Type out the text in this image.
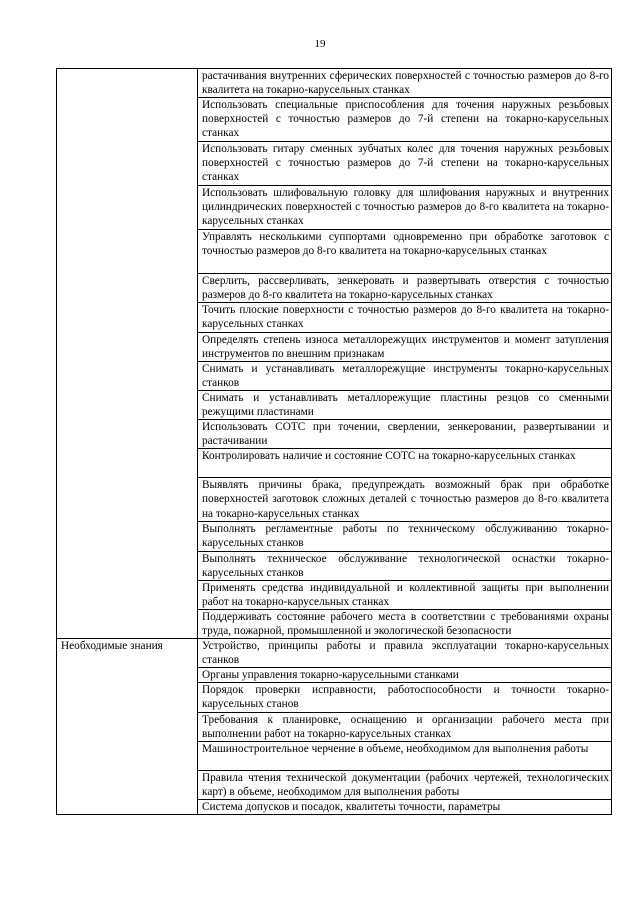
19

	растачивания внутренних сферических поверхностей с точностью размеров до 8-го квалитета на токарно-карусельных станках

	Использовать специальные приспособления для точения наружных резьбовых поверхностей с точностью размеров до 7-й степени на токарно-карусельных станках

	Использовать гитару сменных зубчатых колес для точения наружных резьбовых поверхностей с точностью размеров до 7-й степени на токарно-карусельных станках

	Использовать шлифовальную головку для шлифования наружных и внутренних цилиндрических поверхностей с точностью размеров до 8-го квалитета на токарно-карусельных станках

	Управлять несколькими суппортами одновременно при обработке заготовок с точностью размеров до 8-го квалитета на токарно-карусельных станках

	Сверлить, рассверливать, зенкеровать и развертывать отверстия с точностью размеров до 8-го квалитета на токарно-карусельных станках

	Точить плоские поверхности с точностью размеров до 8-го квалитета на токарно-карусельных станках

	Определять степень износа металлорежущих инструментов и момент затупления инструментов по внешним признакам

	Снимать и устанавливать металлорежущие инструменты токарно-карусельных станков

	Снимать и устанавливать металлорежущие пластины резцов со сменными режущими пластинами

	Использовать СОТС при точении, сверлении, зенкеровании, развертывании и растачивании

	Контролировать наличие и состояние СОТС на токарно-карусельных станках

	Выявлять причины брака, предупреждать возможный брак при обработке поверхностей заготовок сложных деталей с точностью размеров до 8-го квалитета на токарно-карусельных станках

	Выполнять регламентные работы по техническому обслуживанию токарно-карусельных станков

	Выполнять техническое обслуживание технологической оснастки токарно-карусельных станков

	Применять средства индивидуальной и коллективной защиты при выполнении работ на токарно-карусельных станках

	Поддерживать состояние рабочего места в соответствии с требованиями охраны труда, пожарной, промышленной и экологической безопасности

Необходимые знания	Устройство, принципы работы и правила эксплуатации токарно-карусельных станков

	Органы управления токарно-карусельными станками

	Порядок проверки исправности, работоспособности и точности токарно-карусельных станов

	Требования к планировке, оснащению и организации рабочего места при выполнении работ на токарно-карусельных станках

	Машиностроительное черчение в объеме, необходимом для выполнения работы

	Правила чтения технической документации (рабочих чертежей, технологических карт) в объеме, необходимом для выполнения работы

	Система допусков и посадок, квалитеты точности, параметры
